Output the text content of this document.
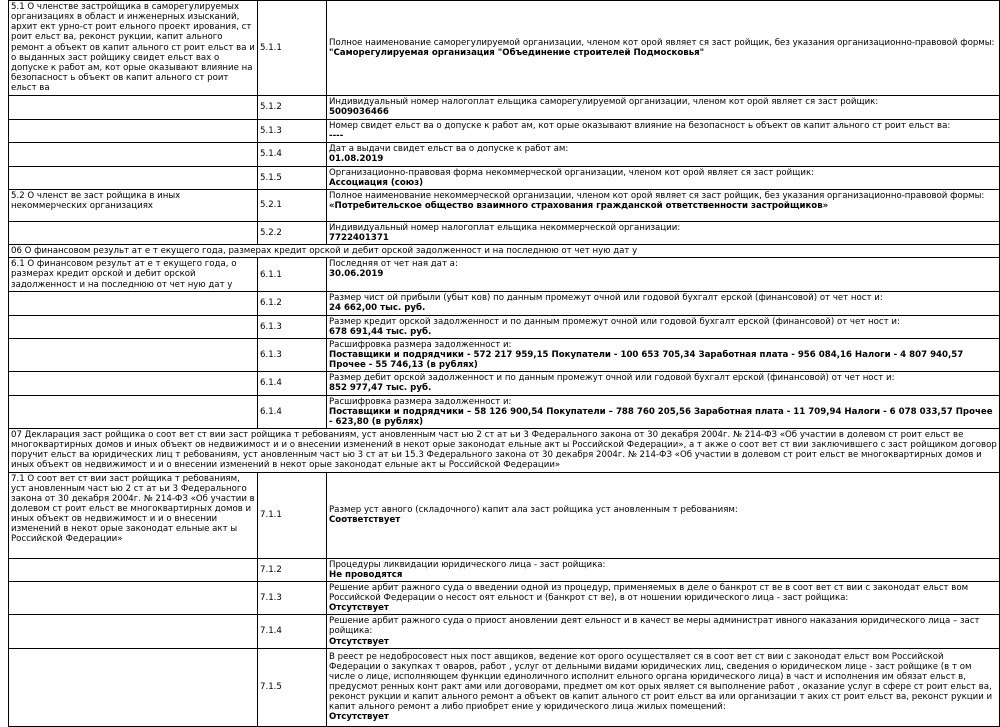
5.1 О членстве застройщика в саморегулируемых организациях в област и инженерных изысканий, архит ект урно-ст роит ельного проект ирования, ст роит ельст ва, реконст рукции, капит ального ремонт а объект ов капит ального ст роит ельст ва и о выданных заст ройщику свидет ельст вах о допуске к работ ам, кот орые оказывают влияние на безопасност ь объект ов капит ального ст роит ельст ва	5.1.1	Полное наименование саморегулируемой организации, членом кот орой являет ся заст ройщик, без указания организационно-правовой формы:
"Саморегулируемая организация "Объединение строителей Подмосковья"

	5.1.2	Индивидуальный номер налогоплат ельщика саморегулируемой организации, членом кот орой являет ся заст ройщик:
5009036466

	5.1.3	Номер свидет ельст ва о допуске к работ ам, кот орые оказывают влияние на безопасност ь объект ов капит ального ст роит ельст ва:
----

	5.1.4	Дат а выдачи свидет ельст ва о допуске к работ ам:
01.08.2019

	5.1.5	Организационно-правовая форма некоммерческой организации, членом кот орой являет ся заст ройщик:
Ассоциация (союз)

5.2 О членст ве заст ройщика в иных некоммерческих организациях	5.2.1	Полное наименование некоммерческой организации, членом кот орой являет ся заст ройщик, без указания организационно-правовой формы:
«Потребительское общество взаимного страхования гражданской ответственности застройщиков»

	5.2.2	Индивидуальный номер налогоплат ельщика некоммерческой организации:
7722401371

06 О финансовом результ ат е т екущего года, размерах кредит орской и дебит орской задолженност и на последнюю от чет ную дат у		
6.1 О финансовом результ ат е т екущего года, о размерах кредит орской и дебит орской задолженност и на последнюю от чет ную дат у	6.1.1	Последняя от чет ная дат а:
30.06.2019

	6.1.2	Размер чист ой прибыли (убыт ков) по данным промежут очной или годовой бухгалт ерской (финансовой) от чет ност и:
24 662,00 тыс. руб.

	6.1.3	Размер кредит орской задолженност и по данным промежут очной или годовой бухгалт ерской (финансовой) от чет ност и:
678 691,44 тыс. руб.

	6.1.3	Расшифровка размера задолженност и:
Поставщики и подрядчики - 572 217 959,15 Покупатели - 100 653 705,34 Заработная плата - 956 084,16 Налоги - 4 807 940,57 Прочее - 55 746,13 (в рублях)

	6.1.4	Размер дебит орской задолженност и по данным промежут очной или годовой бухгалт ерской (финансовой) от чет ност и:
852 977,47 тыс. руб.

	6.1.4	Расшифровка размера задолженност и:
Поставщики и подрядчики – 58 126 900,54 Покупатели – 788 760 205,56 Заработная плата - 11 709,94 Налоги - 6 078 033,57 Прочее - 623,80 (в рублях)

07 Декларация заст ройщика о соот вет ст вии заст ройщика т ребованиям, уст ановленным част ью 2 ст ат ьи 3 Федерального закона от 30 декабря 2004г. № 214-ФЗ «Об участии в долевом ст роит ельст ве многоквартирных домов и иных объект ов недвижимост и и о внесении изменений в некот орые законодат ельные акт ы Российской Федерации», а т акже о соот вет ст вии заключившего с заст ройщиком договор поручит ельст ва юридических лиц т ребованиям, уст ановленным част ью 3 ст ат ьи 15.3 Федерального закона от 30 декабря 2004г. № 214-ФЗ «Об участии в долевом ст роит ельст ве многоквартирных домов и иных объект ов недвижимост и и о внесении изменений в некот орые законодат ельные акт ы Российской Федерации»		
7.1 О соот вет ст вии заст ройщика т ребованиям, уст ановленным част ью 2 ст ат ьи 3 Федерального закона от 30 декабря 2004г. № 214-ФЗ «Об участии в долевом ст роит ельст ве многоквартирных домов и иных объект ов недвижимост и и о внесении изменений в некот орые законодат ельные акт ы Российской Федерации»	7.1.1	Размер уст авного (складочного) капит ала заст ройщика уст ановленным т ребованиям:
Соответствует

	7.1.2	Процедуры ликвидации юридического лица - заст ройщика:
Не проводятся

	7.1.3	Решение арбит ражного суда о введении одной из процедур, применяемых в деле о банкрот ст ве в соот вет ст вии с законодат ельст вом Российской Федерации о несост оят ельност и (банкрот ст ве), в от ношении юридического лица - заст ройщика:
Отсутствует

	7.1.4	Решение арбит ражного суда о приост ановлении деят ельност и в качест ве меры администрат ивного наказания юридического лица – заст ройщика:
Отсутствует

	7.1.5	В реест ре недобросовест ных пост авщиков, ведение кот орого осуществляет ся в соот вет ст вии с законодат ельст вом Российской Федерации о закупках т оваров, работ , услуг от дельными видами юридических лиц, сведения о юридическом лице - заст ройщике (в т ом числе о лице, исполняющем функции единоличного исполнит ельного органа юридического лица) в част и исполнения им обязат ельст в, предусмот ренных конт ракт ами или договорами, предмет ом кот орых являет ся выполнение работ , оказание услуг в сфере ст роит ельст ва, реконст рукции и капит ального ремонт а объект ов капит ального ст роит ельст ва или организации т аких ст роит ельст ва, реконст рукции и капит ального ремонт а либо приобрет ение у юридического лица жилых помещений:
Отсутствует
